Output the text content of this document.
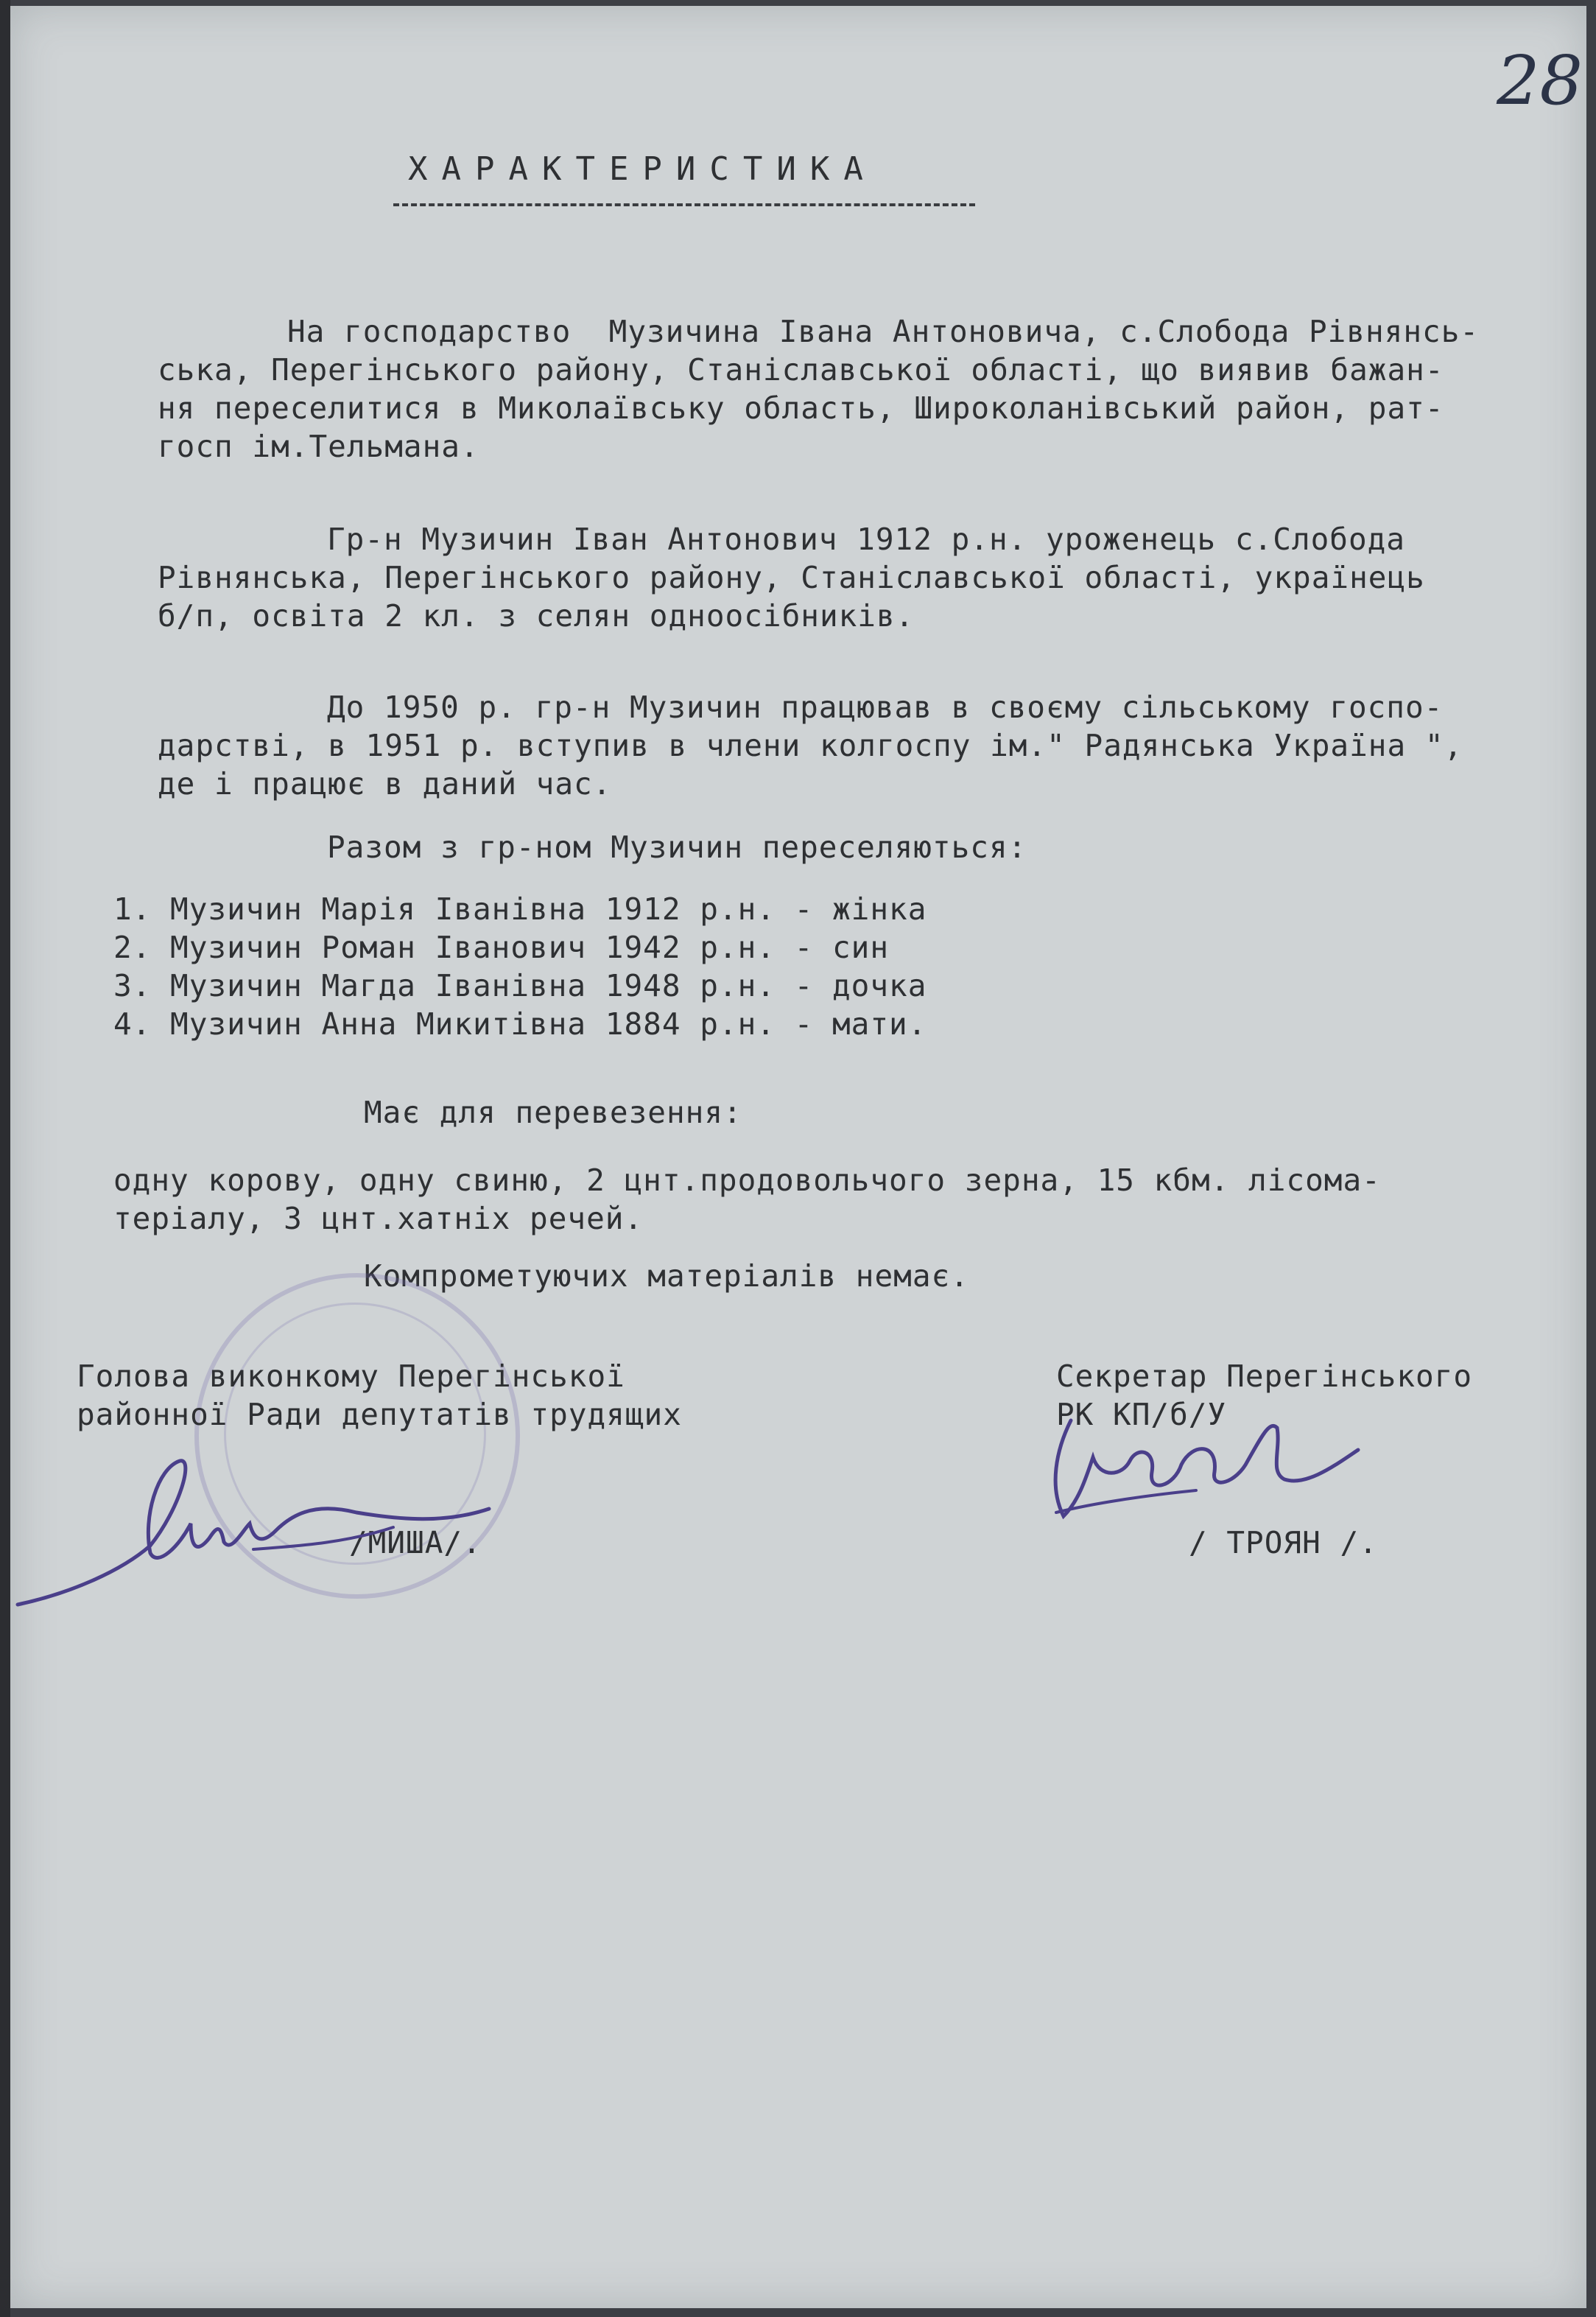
28
ХАРАКТЕРИСТИКА
На господарство  Музичина Івана Антоновича, с.Слобода Рівнянсь-
ська, Перегінського району, Станіславської області, що виявив бажан-
ня переселитися в Миколаївську область, Широколанівський район, рат-
госп ім.Тельмана.
Гр-н Музичин Іван Антонович 1912 р.н. уроженець с.Слобода
Рівнянська, Перегінського району, Станіславської області, українець
б/п, освіта 2 кл. з селян одноосібників.
До 1950 р. гр-н Музичин працював в своєму сільському госпо-
дарстві, в 1951 р. вступив в члени колгоспу ім." Радянська Україна ",
де і працює в даний час.
Разом з гр-ном Музичин переселяються:
1. Музичин Марія Іванівна 1912 р.н. - жінка
2. Музичин Роман Іванович 1942 р.н. - син
3. Музичин Магда Іванівна 1948 р.н. - дочка
4. Музичин Анна Микитівна 1884 р.н. - мати.
Має для перевезення:
одну корову, одну свиню, 2 цнт.продовольчого зерна, 15 кбм. лісома-
теріалу, 3 цнт.хатніх речей.
Компрометуючих матеріалів немає.
Голова виконкому Перегінської
районної Ради депутатів трудящих
/МИША/.
Секретар Перегінського
РК КП/б/У
/ ТРОЯН /.
